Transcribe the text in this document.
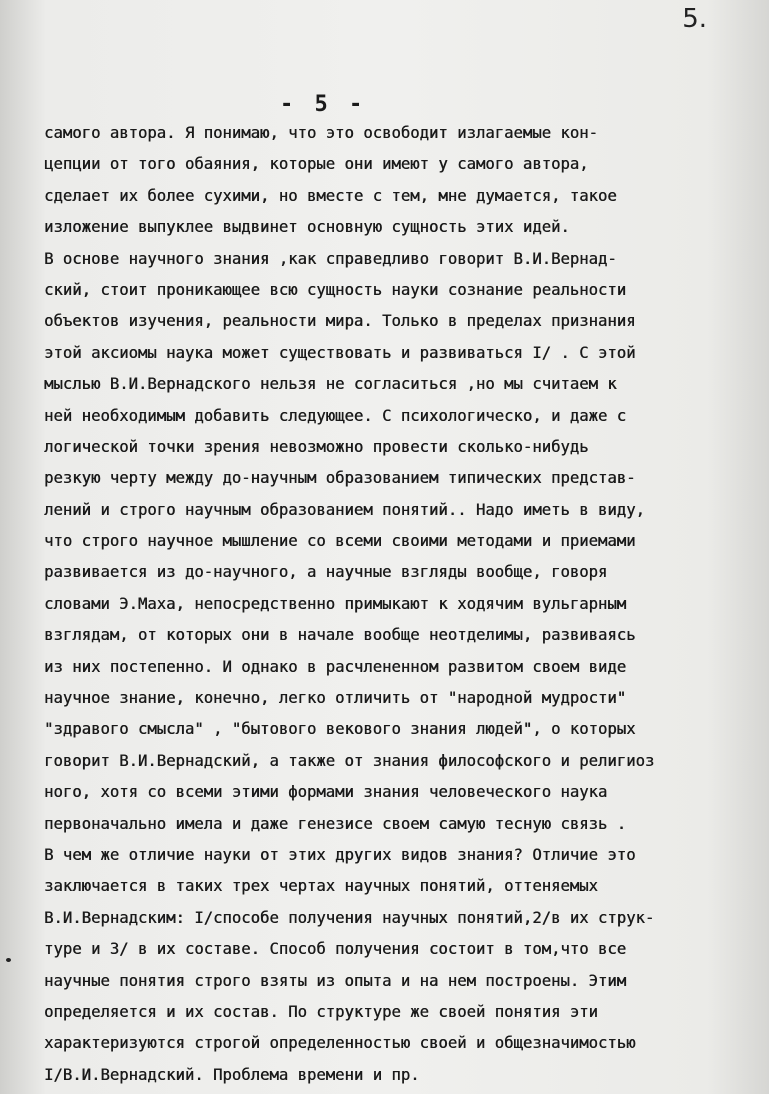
5.
- 5 -
самого автора. Я понимаю, что это освободит излагаемые кон-
цепции от того обаяния, которые они имеют у самого автора,
сделает их более сухими, но вместе с тем, мне думается, такое
изложение выпуклее выдвинет основную сущность этих идей.
В основе научного знания ,как справедливо говорит В.И.Вернад-
ский, стоит проникающее всю сущность науки сознание реальности
объектов изучения, реальности мира. Только в пределах признания
этой аксиомы наука может существовать и развиваться I/ . С этой
мыслью В.И.Вернадского нельзя не согласиться ,но мы считаем к
ней необходимым добавить следующее. С психологическо, и даже с
логической точки зрения невозможно провести сколько-нибудь
резкую черту между до-научным образованием типических представ-
лений и строго научным образованием понятий.. Надо иметь в виду,
что строго научное мышление со всеми своими методами и приемами
развивается из до-научного, а научные взгляды вообще, говоря
словами Э.Маха, непосредственно примыкают к ходячим вульгарным
взглядам, от которых они в начале вообще неотделимы, развиваясь
из них постепенно. И однако в расчлененном развитом своем виде
научное знание, конечно, легко отличить от "народной мудрости"
"здравого смысла" , "бытового векового знания людей", о которых
говорит В.И.Вернадский, а также от знания философского и религиоз
ного, хотя со всеми этими формами знания человеческого наука
первоначально имела и даже генезисе своем самую тесную связь .
В чем же отличие науки от этих других видов знания? Отличие это
заключается в таких трех чертах научных понятий, оттеняемых
В.И.Вернадским: I/способе получения научных понятий,2/в их струк-
туре и 3/ в их составе. Способ получения состоит в том,что все
научные понятия строго взяты из опыта и на нем построены. Этим
определяется и их состав. По структуре же своей понятия эти
характеризуются строгой определенностью своей и общезначимостью
I/В.И.Вернадский. Проблема времени и пр.
